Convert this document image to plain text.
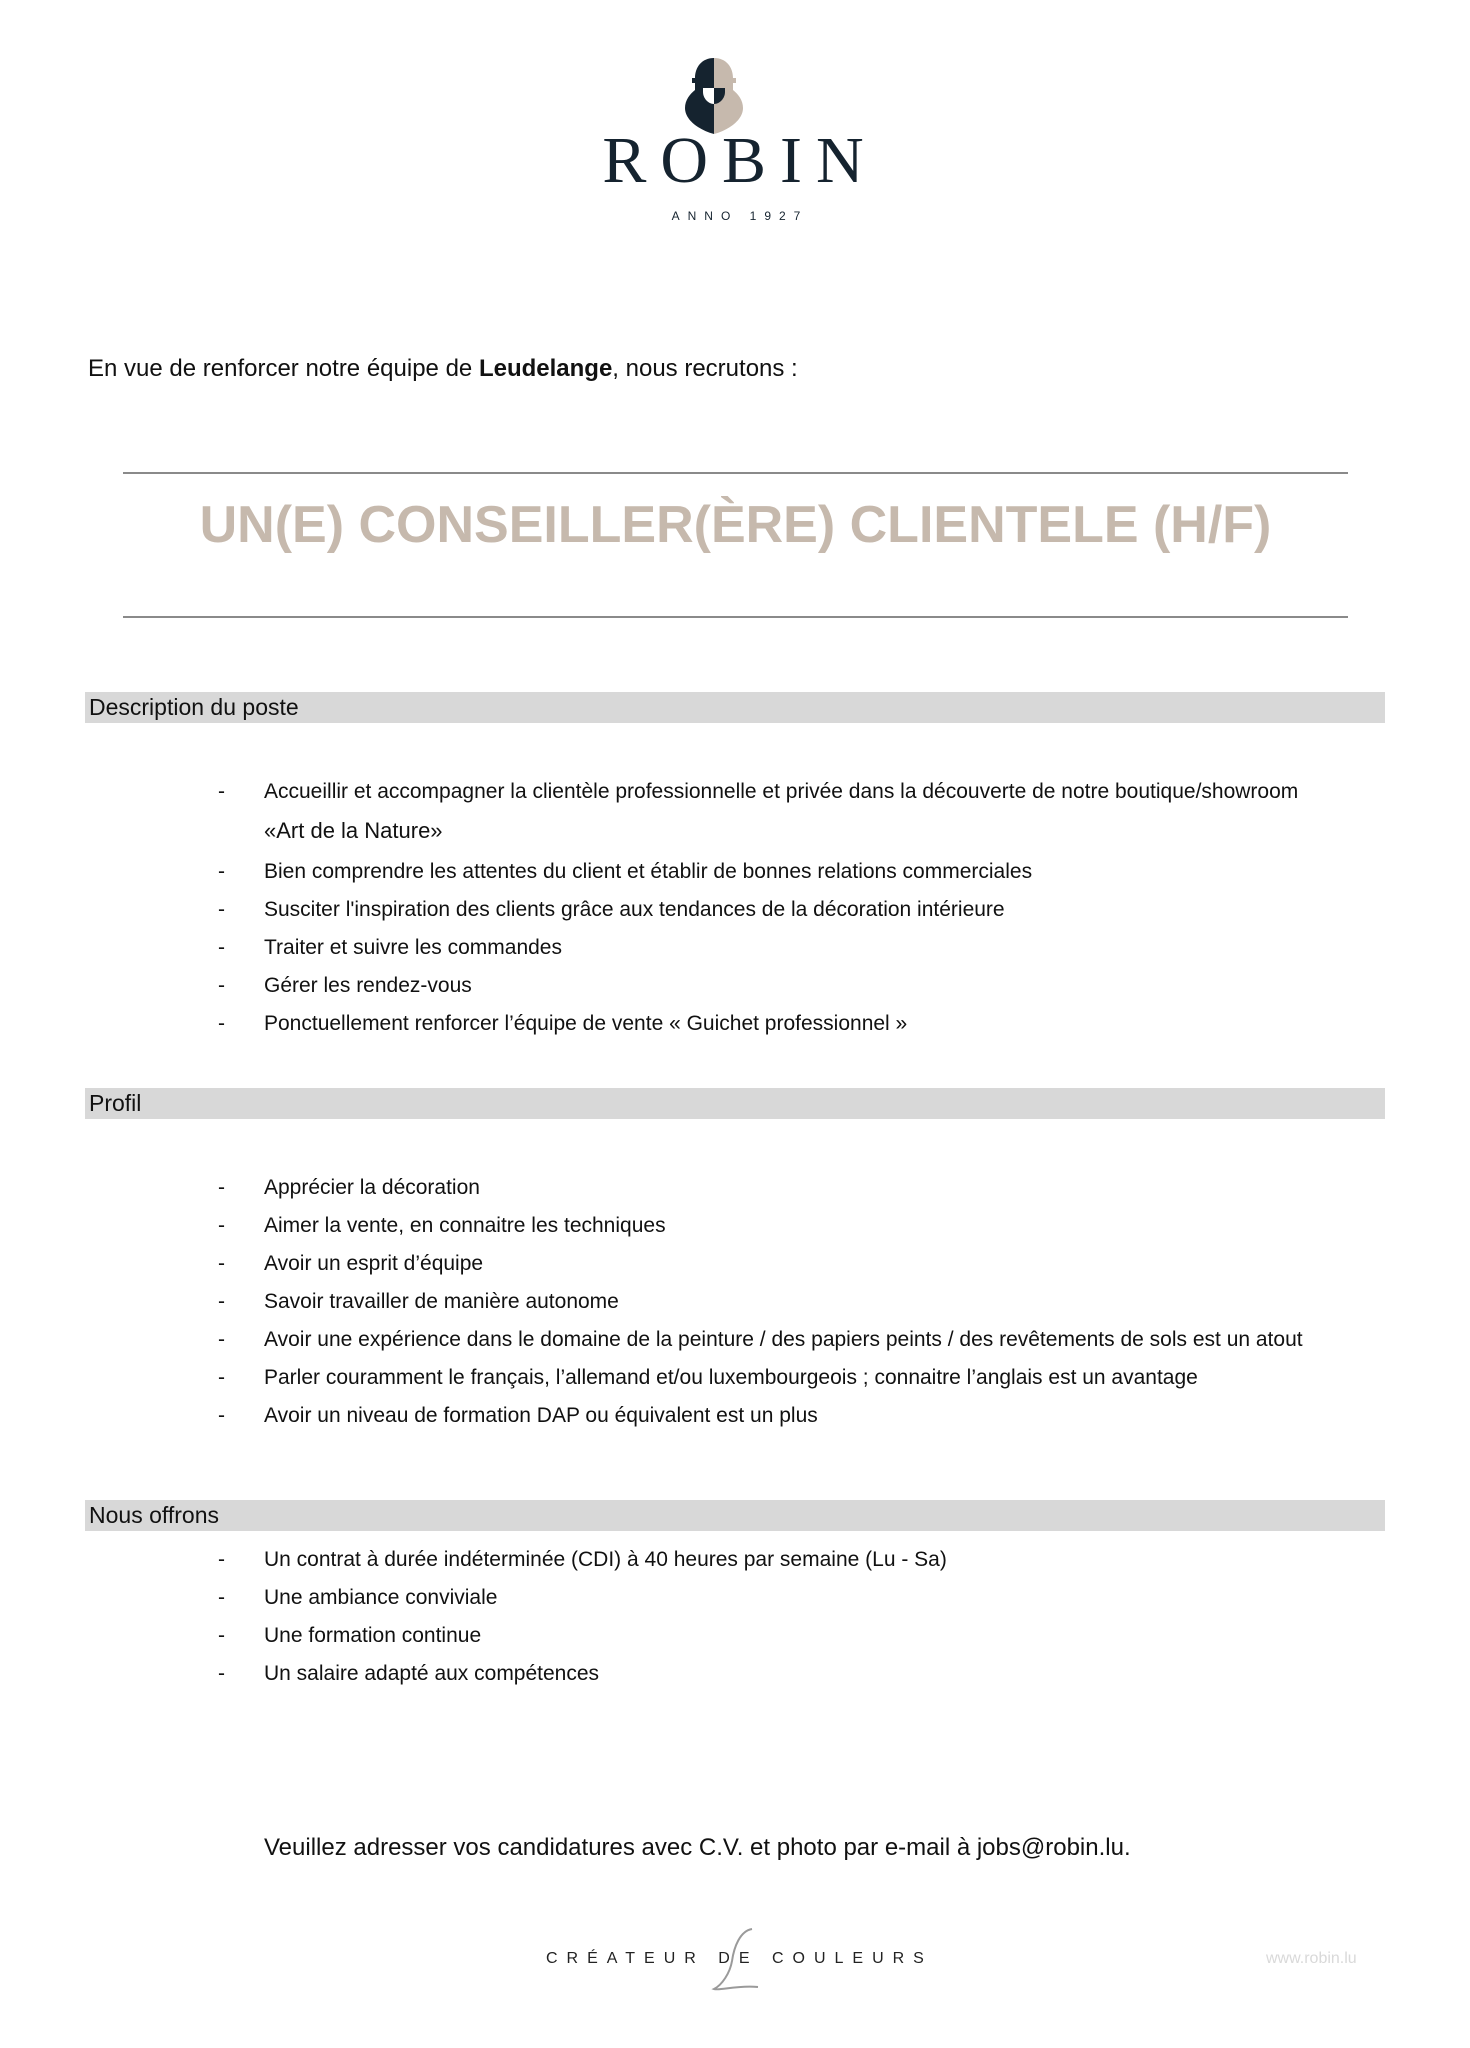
ROBIN
ANNO 1927
En vue de renforcer notre équipe de Leudelange, nous recrutons :
UN(E) CONSEILLER(ÈRE) CLIENTELE (H/F)
Description du poste
- Accueillir et accompagner la clientèle professionnelle et privée dans la découverte de notre boutique/showroom
«Art de la Nature»
- Bien comprendre les attentes du client et établir de bonnes relations commerciales
- Susciter l'inspiration des clients grâce aux tendances de la décoration intérieure
- Traiter et suivre les commandes
- Gérer les rendez-vous
- Ponctuellement renforcer l’équipe de vente « Guichet professionnel »
Profil
- Apprécier la décoration
- Aimer la vente, en connaitre les techniques
- Avoir un esprit d’équipe
- Savoir travailler de manière autonome
- Avoir une expérience dans le domaine de la peinture / des papiers peints / des revêtements de sols est un atout
- Parler couramment le français, l’allemand et/ou luxembourgeois ; connaitre l’anglais est un avantage
- Avoir un niveau de formation DAP ou équivalent est un plus
Nous offrons
- Un contrat à durée indéterminée (CDI) à 40 heures par semaine (Lu - Sa)
- Une ambiance conviviale
- Une formation continue
- Un salaire adapté aux compétences
Veuillez adresser vos candidatures avec C.V. et photo par e-mail à jobs@robin.lu.
CRÉATEUR DE COULEURS	www.robin.lu
